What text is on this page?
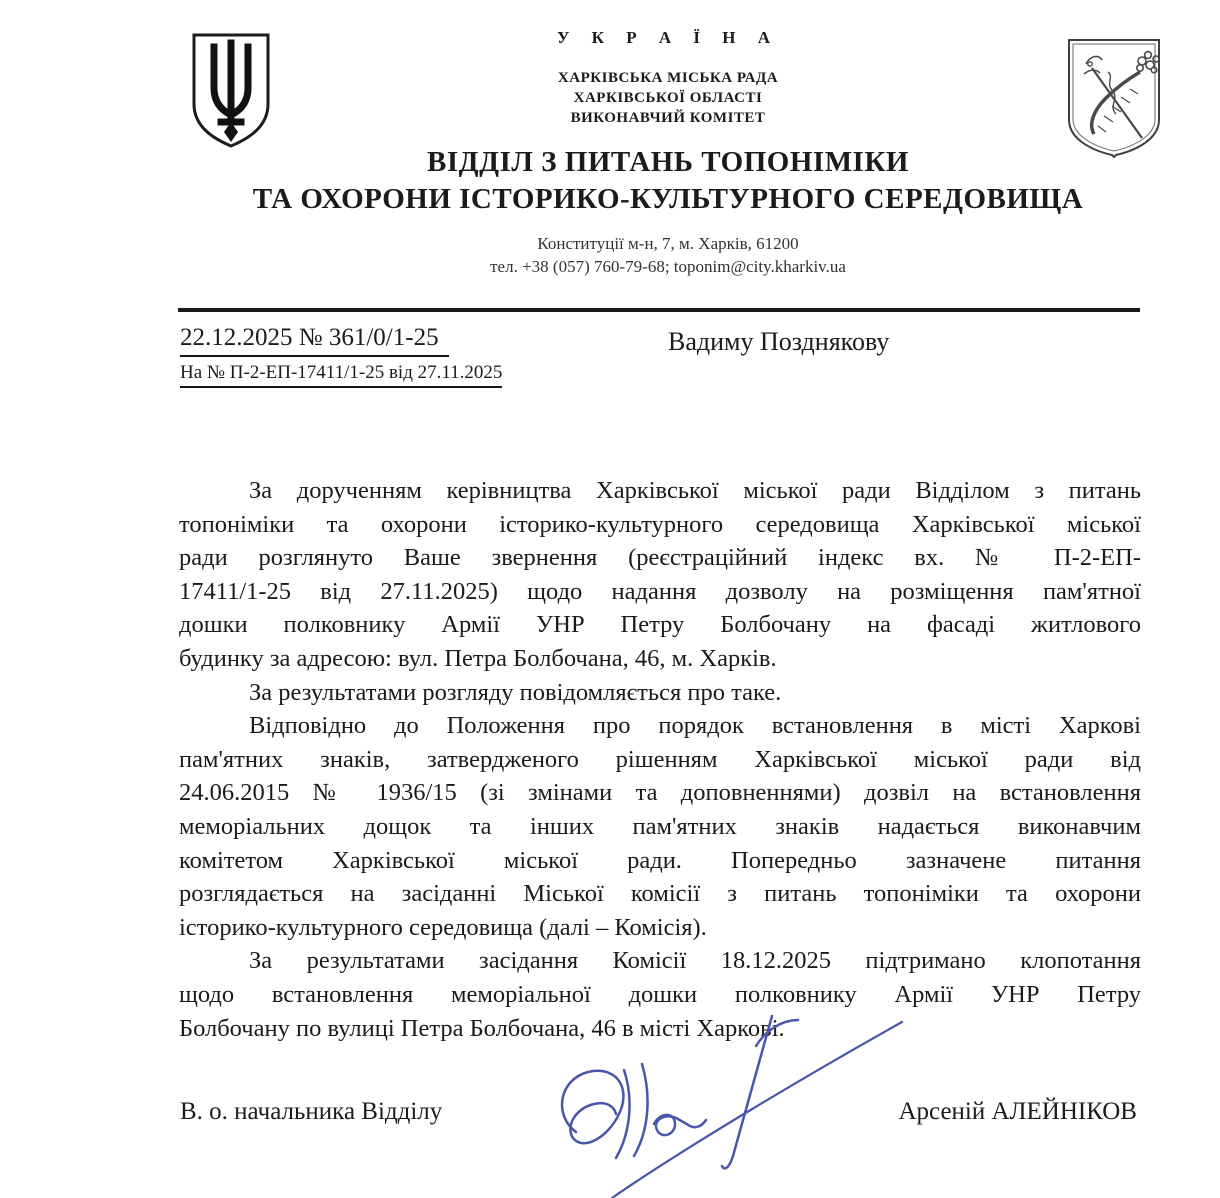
У К Р А Ї Н А

ХАРКІВСЬКА МІСЬКА РАДА

ХАРКІВСЬКОЇ ОБЛАСТІ

ВИКОНАВЧИЙ КОМІТЕТ

ВІДДІЛ З ПИТАНЬ ТОПОНІМІКИ

ТА ОХОРОНИ ІСТОРИКО-КУЛЬТУРНОГО СЕРЕДОВИЩА

Конституції м-н, 7, м. Харків, 61200

тел. +38 (057) 760-79-68; toponim@city.kharkiv.ua

22.12.2025 № 361/0/1-25
На № П-2-ЕП-17411/1-25 від 27.11.2025
Вадиму Позднякову
За дорученням керівництва Харківської міської ради Відділом з питань
топоніміки та охорони історико-культурного середовища Харківської міської
ради розглянуто Ваше звернення (реєстраційний індекс вх. № П-2-ЕП-
17411/1-25 від 27.11.2025) щодо надання дозволу на розміщення пам'ятної
дошки полковнику Армії УНР Петру Болбочану на фасаді житлового
будинку за адресою: вул. Петра Болбочана, 46, м. Харків.
За результатами розгляду повідомляється про таке.
Відповідно до Положення про порядок встановлення в місті Харкові
пам'ятних знаків, затвердженого рішенням Харківської міської ради від
24.06.2015 № 1936/15 (зі змінами та доповненнями) дозвіл на встановлення
меморіальних дощок та інших пам'ятних знаків надається виконавчим
комітетом Харківської міської ради. Попередньо зазначене питання
розглядається на засіданні Міської комісії з питань топоніміки та охорони
історико-культурного середовища (далі – Комісія).
За результатами засідання Комісії 18.12.2025 підтримано клопотання
щодо встановлення меморіальної дошки полковнику Армії УНР Петру
Болбочану по вулиці Петра Болбочана, 46 в місті Харкові.
В. о. начальника Відділу	Арсеній АЛЕЙНІКОВ
